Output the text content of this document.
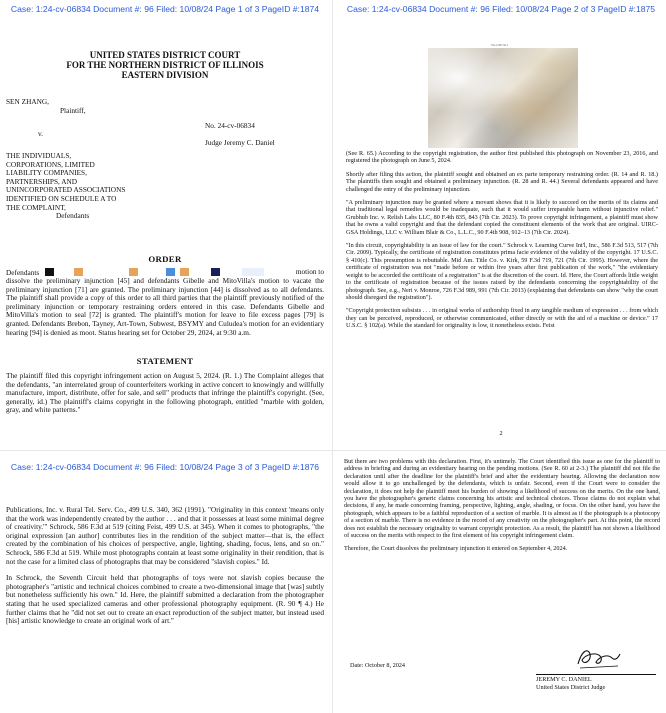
Case: 1:24-cv-06834 Document #: 96 Filed: 10/08/24 Page 1 of 3 PageID #:1874
UNITED STATES DISTRICT COURT
FOR THE NORTHERN DISTRICT OF ILLINOIS
EASTERN DIVISION
SEN ZHANG,
Plaintiff,
v.
THE INDIVIDUALS,
CORPORATIONS, LIMITED
LIABILITY COMPANIES,
PARTNERSHIPS, AND
UNINCORPORATED ASSOCIATIONS
IDENTIFIED ON SCHEDULE A TO
THE COMPLAINT,
Defendants
No. 24-cv-06834
Judge Jeremy C. Daniel
ORDER
Defendants	motion to
dissolve the preliminary injunction [45] and defendants Gibelle and MitoVilla's motion to vacate the preliminary injunction [71] are granted. The preliminary injunction [44] is dissolved as to all defendants. The plaintiff shall provide a copy of this order to all third parties that the plaintiff previously notified of the preliminary injunction or temporary restraining orders entered in this case. Defendants Gibelle and MitoVilla's motion to seal [72] is granted. The plaintiff's motion for leave to file excess pages [79] is granted. Defendants Brebon, Tayney, Art-Town, Subwest, BSYMY and Culudea's motion for an evidentiary hearing [94] is denied as moot. Status hearing set for October 29, 2024, at 9:30 a.m.
STATEMENT
The plaintiff filed this copyright infringement action on August 5, 2024. (R. 1.) The Complaint alleges that the defendants, "an interrelated group of counterfeiters working in active concert to knowingly and willfully manufacture, import, distribute, offer for sale, and sell" products that infringe the plaintiff's copyright. (See, generally, id.) The plaintiff's claims copyright in the following photograph, entitled "marble with golden, gray, and white patterns."
Case: 1:24-cv-06834 Document #: 96 Filed: 10/08/24 Page 2 of 3 PageID #:1875
VA 2-397-911

(See R. 65.) According to the copyright registration, the author first published this photograph on November 23, 2016, and registered the photograph on June 5, 2024.

Shortly after filing this action, the plaintiff sought and obtained an ex parte temporary restraining order. (R. 14 and R. 18.) The plaintiffs then sought and obtained a preliminary injunction. (R. 28 and R. 44.) Several defendants appeared and have challenged the entry of the preliminary injunction.

"A preliminary injunction may be granted where a movant shows that it is likely to succeed on the merits of its claims and that traditional legal remedies would be inadequate, such that it would suffer irreparable harm without injunctive relief." Grubhub Inc. v. Relish Labs LLC, 80 F.4th 835, 843 (7th Cir. 2023). To prove copyright infringement, a plaintiff must show that he owns a valid copyright and that the defendant copied the constituent elements of the work that are original. UIRC-GSA Holdings, LLC v. William Blair & Co., L.L.C., 90 F.4th 908, 912–13 (7th Cir. 2024).

"In this circuit, copyrightability is an issue of law for the court." Schrock v. Learning Curve Int'l, Inc., 586 F.3d 513, 517 (7th Cir. 2009). Typically, the certificate of registration constitutes prima facie evidence of the validity of the copyright. 17 U.S.C. § 410(c). This presumption is rebuttable. Mid Am. Title Co. v. Kirk, 59 F.3d 719, 721 (7th Cir. 1995). However, where the certificate of registration was not "made before or within five years after first publication of the work," "the evidentiary weight to be accorded the certificate of a registration" is at the discretion of the court. Id. Here, the Court affords little weight to the certificate of registration because of the issues raised by the defendants concerning the copyrightability of the photograph. See, e.g., Neri v. Monroe, 726 F.3d 989, 991 (7th Cir. 2013) (explaining that defendants can show "why the court should disregard the registration").

"Copyright protection subsists . . . in original works of authorship fixed in any tangible medium of expression . . . from which they can be perceived, reproduced, or otherwise communicated, either directly or with the aid of a machine or device." 17 U.S.C. § 102(a). While the standard for originality is low, it nonetheless exists. Feist

2
Case: 1:24-cv-06834 Document #: 96 Filed: 10/08/24 Page 3 of 3 PageID #:1876

Publications, Inc. v. Rural Tel. Serv. Co., 499 U.S. 340, 362 (1991). "Originality in this context 'means only that the work was independently created by the author . . . and that it possesses at least some minimal degree of creativity.'" Schrock, 586 F.3d at 519 (citing Feist, 499 U.S. at 345). When it comes to photographs, "the original expression [an author] contributes lies in the rendition of the subject matter—that is, the effect created by the combination of his choices of perspective, angle, lighting, shading, focus, lens, and so on." Schrock, 586 F.3d at 519. While most photographs contain at least some originality in their rendition, that is not the case for a limited class of photographs that may be considered "slavish copies." Id.

In Schrock, the Seventh Circuit held that photographs of toys were not slavish copies because the photographer's "artistic and technical choices combined to create a two-dimensional image that [was] subtly but nonetheless sufficiently his own." Id. Here, the plaintiff submitted a declaration from the photographer stating that he used specialized cameras and other professional photography equipment. (R. 90 ¶ 4.) He further claims that he "did not set out to create an exact reproduction of the subject matter, but instead used [his] artistic knowledge to create an original work of art."

But there are two problems with this declaration. First, it's untimely. The Court identified this issue as one for the plaintiff to address in briefing and during an evidentiary hearing on the pending motions. (See R. 60 at 2-3.) The plaintiff did not file the declaration until after the deadline for the plaintiff's brief and after the evidentiary hearing. Allowing the declaration now would allow it to go unchallenged by the defendants, which is unfair. Second, even if the Court were to consider the declaration, it does not help the plaintiff meet his burden of showing a likelihood of success on the merits. On the one hand, you have the photographer's generic claims concerning his artistic and technical choices. Those claims do not explain what decisions, if any, he made concerning framing, perspective, lighting, angle, shading, or focus. On the other hand, you have the photograph, which appears to be a faithful reproduction of a section of marble. It is almost as if the photograph is a photocopy of a section of marble. There is no evidence in the record of any creativity on the photographer's part. At this point, the record does not establish the necessary originality to warrant copyright protection. As a result, the plaintiff has not shown a likelihood of success on the merits with respect to the first element of his copyright infringement claim.

Therefore, the Court dissolves the preliminary injunction it entered on September 4, 2024.

Date: October 8, 2024
JEREMY C. DANIEL
United States District Judge
